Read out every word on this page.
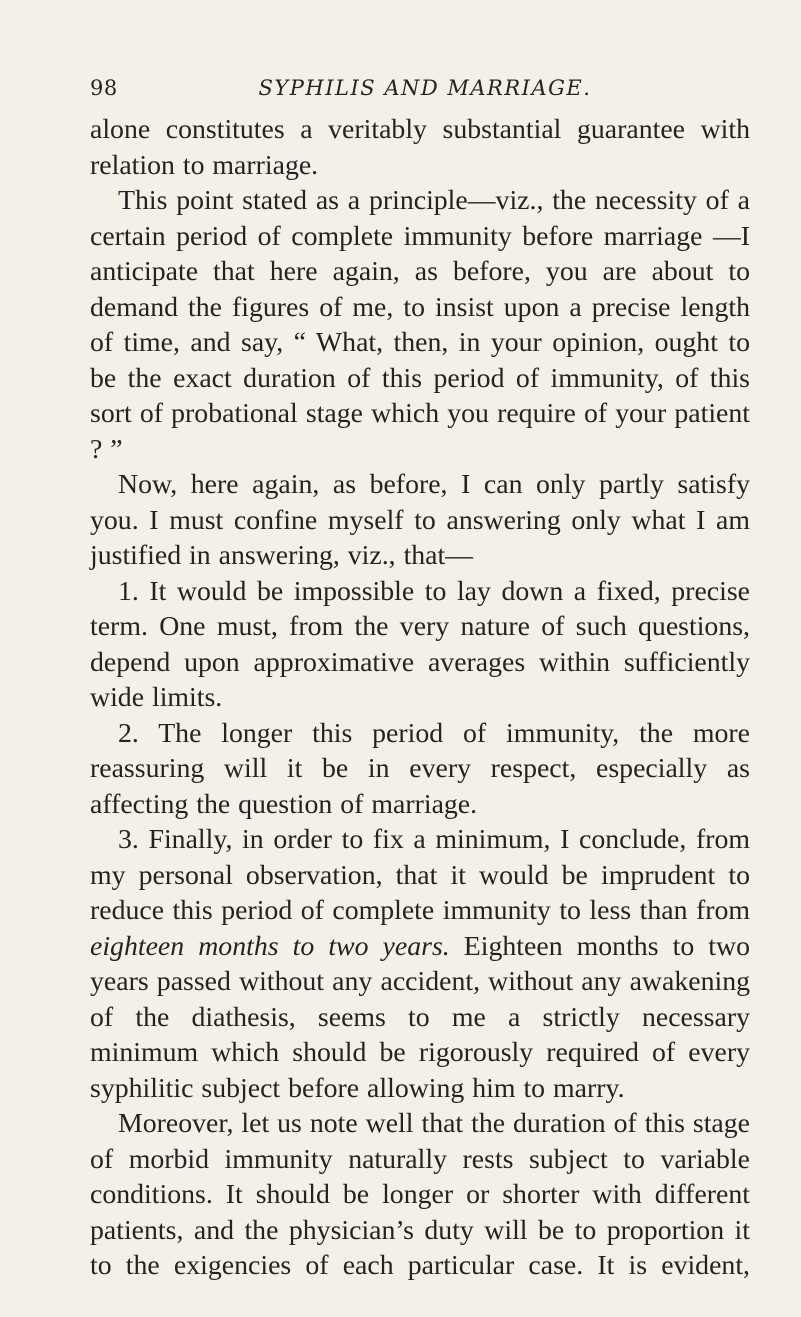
98	SYPHILIS AND MARRIAGE.

alone constitutes a veritably substantial guarantee with relation to marriage.

This point stated as a principle—viz., the necessity of a certain period of complete immunity before marriage —I anticipate that here again, as before, you are about to demand the figures of me, to insist upon a precise length of time, and say, “ What, then, in your opinion, ought to be the exact duration of this period of immunity, of this sort of probational stage which you require of your patient ? ”

Now, here again, as before, I can only partly satisfy you. I must confine myself to answering only what I am justified in answering, viz., that—

1. It would be impossible to lay down a fixed, precise term. One must, from the very nature of such questions, depend upon approximative averages within sufficiently wide limits.

2. The longer this period of immunity, the more reassuring will it be in every respect, especially as affecting the question of marriage.

3. Finally, in order to fix a minimum, I conclude, from my personal observation, that it would be imprudent to reduce this period of complete immunity to less than from eighteen months to two years. Eighteen months to two years passed without any accident, without any awakening of the diathesis, seems to me a strictly necessary minimum which should be rigorously required of every syphilitic subject before allowing him to marry.

Moreover, let us note well that the duration of this stage of morbid immunity naturally rests subject to variable conditions. It should be longer or shorter with different patients, and the physician’s duty will be to proportion it to the exigencies of each particular case. It is evident,
